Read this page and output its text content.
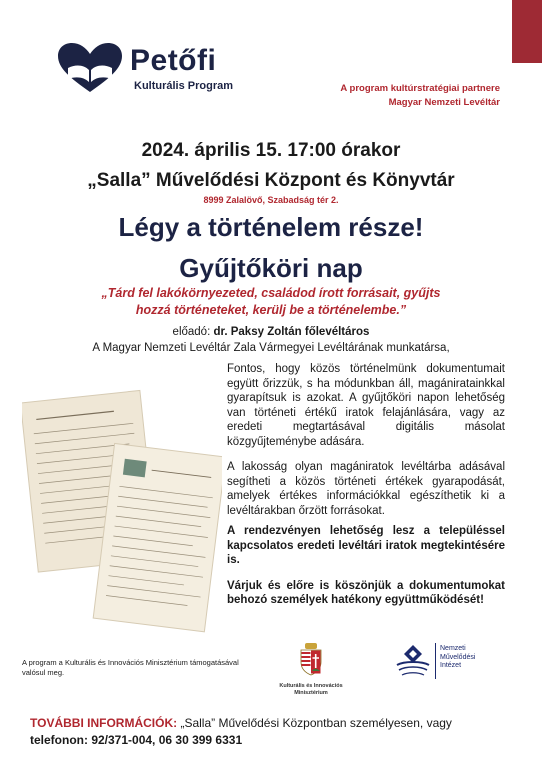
Petőfi
Kulturális Program	A program kultúrstratégiai partnere
Magyar Nemzeti Levéltár
2024. április 15. 17:00 órakor
„Salla” Művelődési Központ és Könyvtár
8999 Zalalövő, Szabadság tér 2.
Légy a történelem része!
Gyűjtőköri nap
„Tárd fel lakókörnyezeted, családod írott forrásait, gyűjts
hozzá történeteket, kerülj be a történelembe.”
előadó: dr. Paksy Zoltán főlevéltáros
A Magyar Nemzeti Levéltár Zala Vármegyei Levéltárának munkatársa,

Fontos, hogy közös történelmünk dokumentumait együtt őrizzük, s ha módunkban áll, magániratainkkal gyarapítsuk is azokat. A gyűjtőköri napon lehetőség van történeti értékű iratok felajánlására, vagy az eredeti megtartásával digitális másolat közgyűjteménybe adására.

A lakosság olyan magániratok levéltárba adásával segítheti a közös történeti értékek gyarapodását, amelyek értékes információkkal egészíthetik ki a levéltárakban őrzött forrásokat.

A rendezvényen lehetőség lesz a településsel kapcsolatos eredeti levéltári iratok megtekintésére is.

Várjuk és előre is köszönjük a dokumentumokat behozó személyek hatékony együttműködését!

A program a Kulturális és Innovációs Minisztérium támogatásával valósul meg.
Kulturális és Innovációs
Minisztérium
Nemzeti
Művelődési
Intézet
TOVÁBBI INFORMÁCIÓK: „Salla” Művelődési Központban személyesen, vagy
telefonon: 92/371-004, 06 30 399 6331
